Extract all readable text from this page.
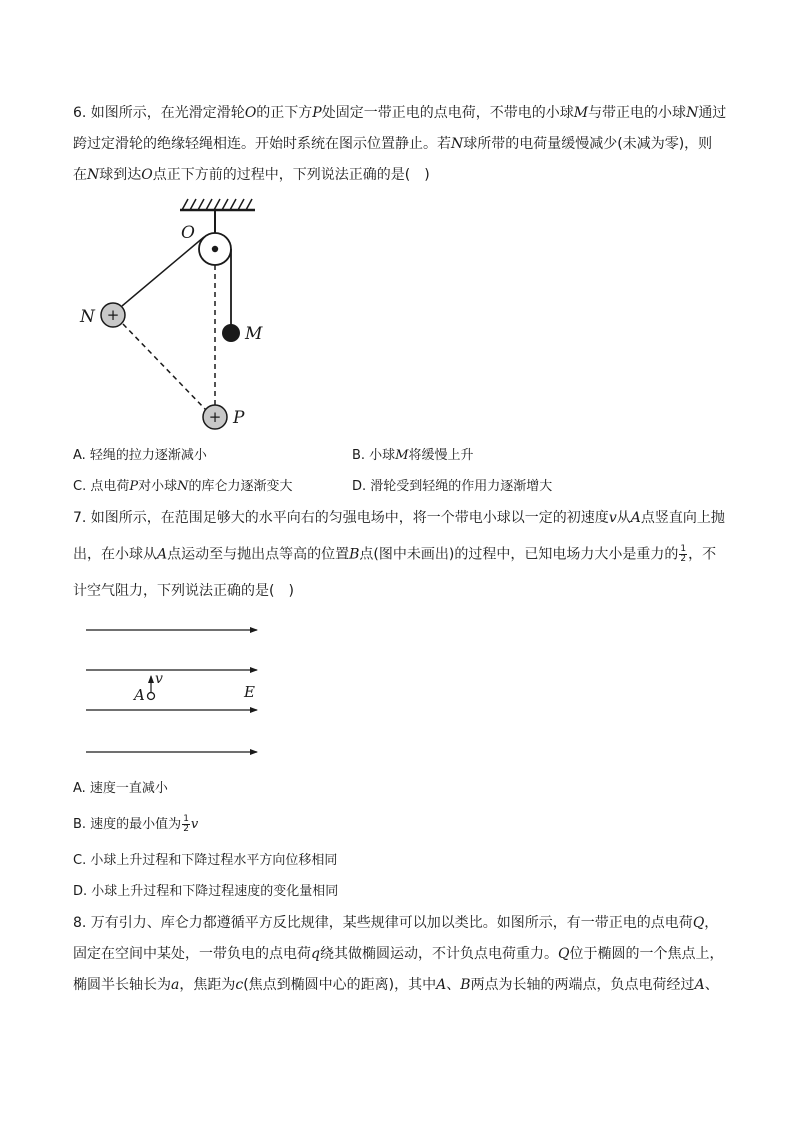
6. 如图所示，在光滑定滑轮O的正下方P处固定一带正电的点电荷，不带电的小球M与带正电的小球N通过
跨过定滑轮的绝缘轻绳相连。开始时系统在图示位置静止。若N球所带的电荷量缓慢减少(未减为零)，则
在N球到达O点正下方前的过程中，下列说法正确的是(　)
O
M
+
N
+ P
A. 轻绳的拉力逐渐减小	B. 小球M将缓慢上升
C. 点电荷P对小球N的库仑力逐渐变大	D. 滑轮受到轻绳的作用力逐渐增大
7. 如图所示，在范围足够大的水平向右的匀强电场中，将一个带电小球以一定的初速度v从A点竖直向上抛
出，在小球从A点运动至与抛出点等高的位置B点(图中未画出)的过程中，已知电场力大小是重力的 $\frac{1}{2}$ ，不
计空气阻力，下列说法正确的是(　)
v
A	E
A. 速度一直减小
B. 速度的最小值为 $\frac{1}{2}$ v
C. 小球上升过程和下降过程水平方向位移相同
D. 小球上升过程和下降过程速度的变化量相同
8. 万有引力、库仑力都遵循平方反比规律，某些规律可以加以类比。如图所示，有一带正电的点电荷Q，
固定在空间中某处，一带负电的点电荷q绕其做椭圆运动，不计负点电荷重力。Q位于椭圆的一个焦点上，
椭圆半长轴长为a，焦距为c(焦点到椭圆中心的距离)，其中A、B两点为长轴的两端点，负点电荷经过A、
